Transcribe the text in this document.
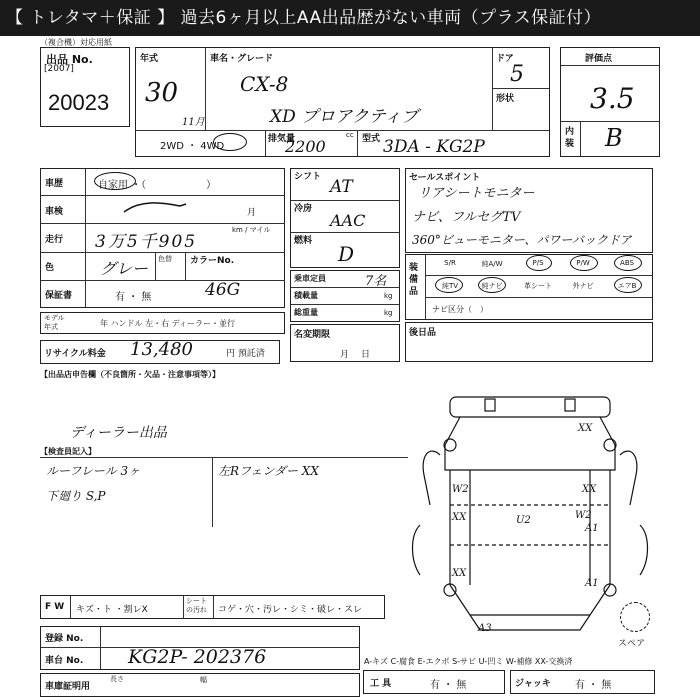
【 トレタマ＋保証 】 過去6ヶ月以上AA出品歴がない車両（プラス保証付）
（複合機）対応用紙
出品 No.
[2007]
20023
年式
30
11月
車名・グレード
CX-8
XD プロアクティブ
ドア
5
形状
2WD ・ 4WD
排気量
2200
cc 型式 3DA - KG2P
評価点
3.5
内装 B
車歴	自家用 ・（　　　　　　）
車検	月
走行 3万5千905
km / マイル
色	グレー 色替	カラーNo.
46G
保証書	有 ・ 無
シフト AT
冷房
AAC
燃料
D
乗車定員	7名
積載量	kg
総重量	kg
セールスポイント
リアシートモニター
ナビ、フルセグTV
360°ビューモニター、パワーバックドア
装備品
S/R	純A/W	P/S	P/W	ABS
純TV	純ナビ	革シート	外ナビ	エアB
ナビ区分（　）
モデル 年式	年 ハンドル 左・右 ディーラー・並行
名変期限
月日
リサイクル料金 13,480	円 預託済
後日品
【出品店申告欄（不良箇所・欠品・注意事項等）】
ディーラー出品
【検査員記入】
ルーフレール 3ヶ
下廻り S,P
左Rフェンダー XX
F W キズ・ト ・割レX
シートの汚れ	コゲ・穴・汚レ・シミ・破レ・スレ
登録 No.
車台 No. KG2P- 202376
車庫証明用
長さ	幅
A-キズ C-腐食 E-エクボ S-サビ U-凹ミ W-補修 XX-交換済
工 具	有 ・ 無	ジャッキ 有 ・ 無
XX
W2
XX
XX
W2
U2
A1
XX
A1
A3
スペア
